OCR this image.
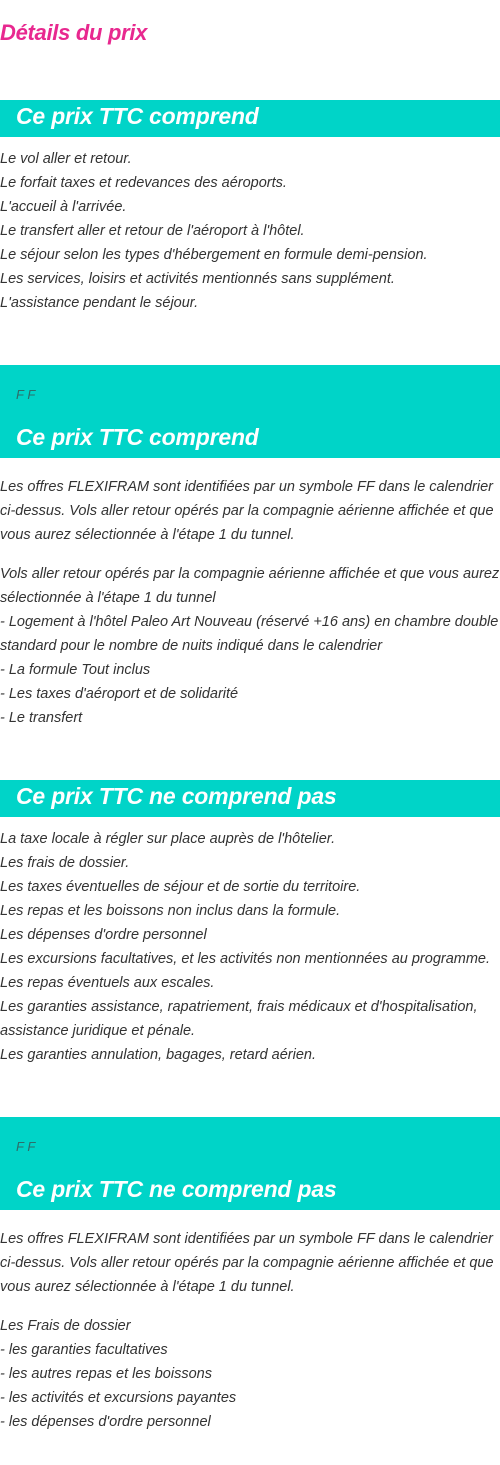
Détails du prix
Ce prix TTC comprend
Le vol aller et retour.
Le forfait taxes et redevances des aéroports.
L'accueil à l'arrivée.
Le transfert aller et retour de l'aéroport à l'hôtel.
Le séjour selon les types d'hébergement en formule demi-pension.
Les services, loisirs et activités mentionnés sans supplément.
L'assistance pendant le séjour.
F F
Ce prix TTC comprend

Les offres FLEXIFRAM sont identifiées par un symbole FF dans le calendrier ci-dessus. Vols aller retour opérés par la compagnie aérienne affichée et que vous aurez sélectionnée à l'étape 1 du tunnel.

Vols aller retour opérés par la compagnie aérienne affichée et que vous aurez sélectionnée à l'étape 1 du tunnel
- Logement à l'hôtel Paleo Art Nouveau (réservé +16 ans) en chambre double standard pour le nombre de nuits indiqué dans le calendrier
- La formule Tout inclus
- Les taxes d'aéroport et de solidarité
- Le transfert
Ce prix TTC ne comprend pas
La taxe locale à régler sur place auprès de l'hôtelier.
Les frais de dossier.
Les taxes éventuelles de séjour et de sortie du territoire.
Les repas et les boissons non inclus dans la formule.
Les dépenses d'ordre personnel
Les excursions facultatives, et les activités non mentionnées au programme.
Les repas éventuels aux escales.
Les garanties assistance, rapatriement, frais médicaux et d'hospitalisation, assistance juridique et pénale.
Les garanties annulation, bagages, retard aérien.
F F
Ce prix TTC ne comprend pas

Les offres FLEXIFRAM sont identifiées par un symbole FF dans le calendrier ci-dessus. Vols aller retour opérés par la compagnie aérienne affichée et que vous aurez sélectionnée à l'étape 1 du tunnel.

Les Frais de dossier
- les garanties facultatives
- les autres repas et les boissons
- les activités et excursions payantes
- les dépenses d'ordre personnel
